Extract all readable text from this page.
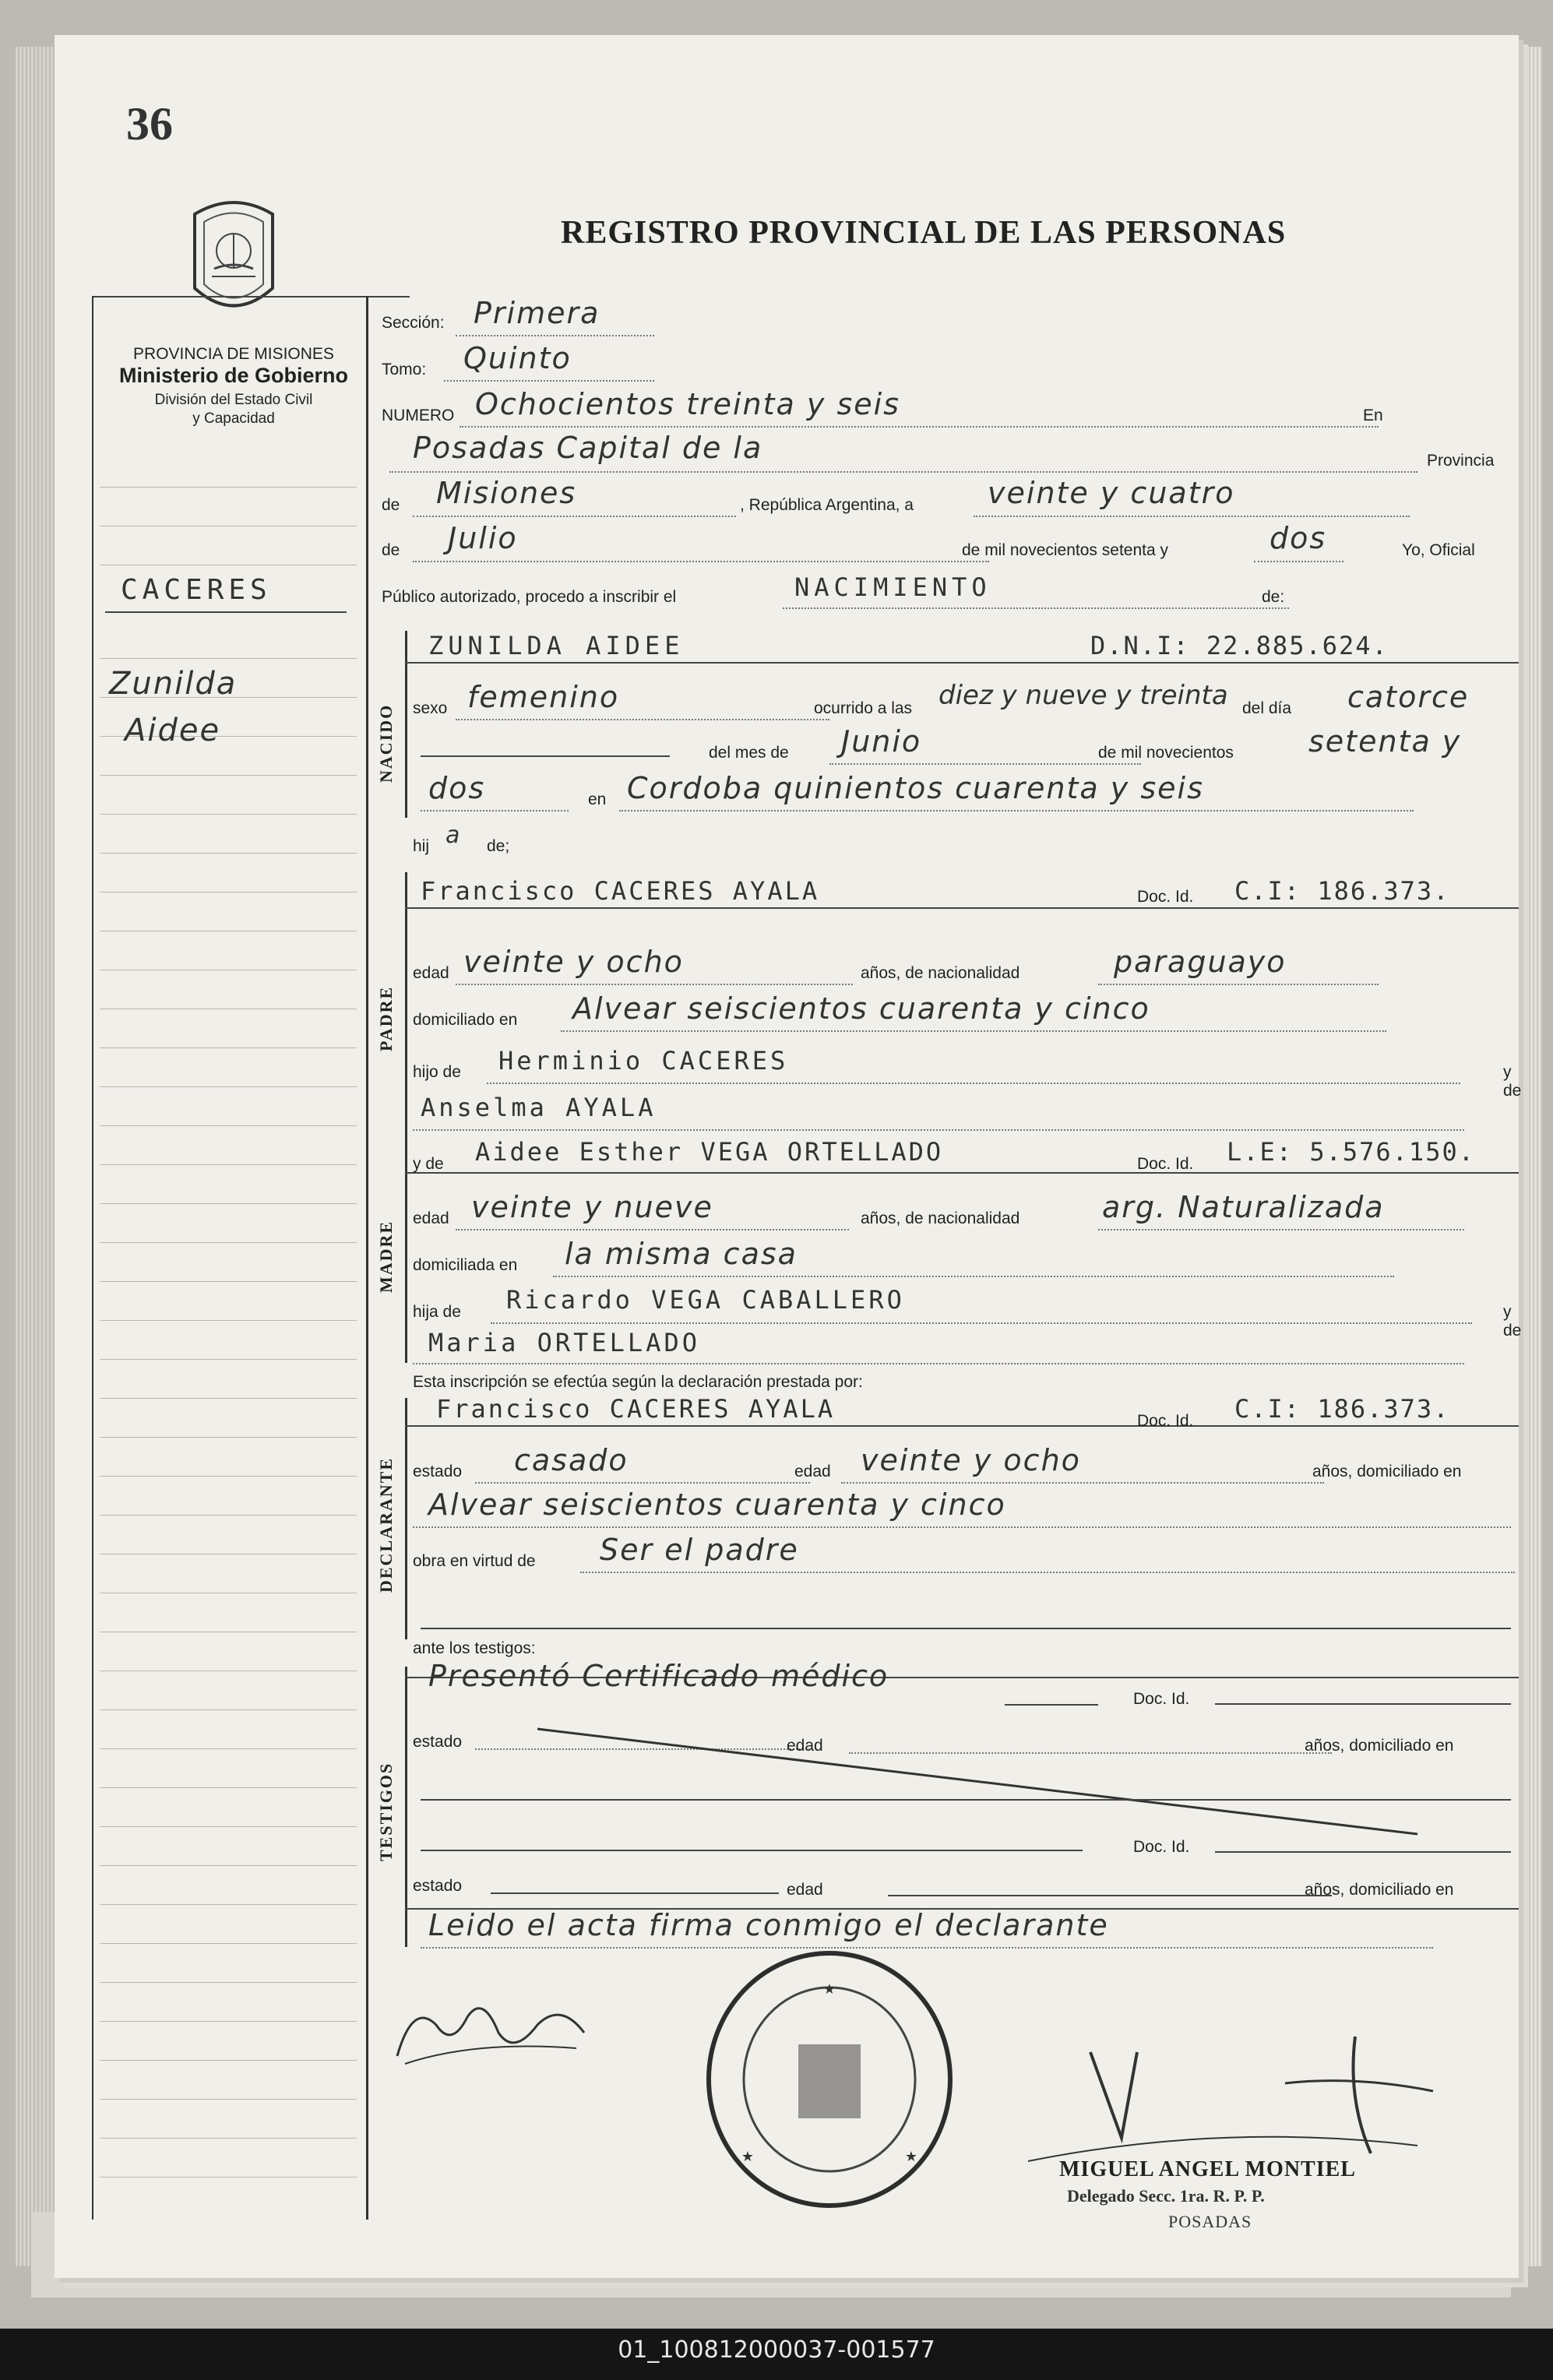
36
PROVINCIA DE MISIONES
Ministerio de Gobierno
División del Estado Civil
y Capacidad
REGISTRO PROVINCIAL DE LAS PERSONAS
CACERES
Zunilda
Aidee
Sección: Primera
Tomo: Quinto
NUMERO Ochocientos treinta y seis	En
Posadas Capital de la	Provincia
de Misiones	, República Argentina, a	veinte y cuatro
de Julio	de mil novecientos setenta y	dos	Yo, Oficial
Público autorizado, procedo a inscribir el	NACIMIENTO	de:
NACIDO
ZUNILDA AIDEE	D.N.I: 22.885.624.
sexo femenino	ocurrido a las diez y nueve y treinta del día catorce
del mes de Junio	de mil novecientos	setenta y
dos	en Cordoba quinientos cuarenta y seis
hij a de;
PADRE
Francisco CACERES AYALA	Doc. Id. C.I: 186.373.
edad veinte y ocho	años, de nacionalidad	paraguayo
domiciliado en Alvear seiscientos cuarenta y cinco
hijo de Herminio CACERES	y de
Anselma AYALA
MADRE
y de Aidee Esther VEGA ORTELLADO	Doc. Id. L.E: 5.576.150.
edad veinte y nueve	años, de nacionalidad	arg. Naturalizada
domiciliada en la misma casa
hija de Ricardo VEGA CABALLERO	y de
Maria ORTELLADO
Esta inscripción se efectúa según la declaración prestada por:
DECLARANTE
Francisco CACERES AYALA	Doc. Id. C.I: 186.373.
estado casado	edad veinte y ocho	años, domiciliado en
Alvear seiscientos cuarenta y cinco
obra en virtud de Ser el padre
ante los testigos:
TESTIGOS
Presentó Certificado médico
Doc. Id.
estado	edad	años, domiciliado en
Doc. Id.
estado	edad	años, domiciliado en
Leido el acta firma conmigo el declarante
★
★	★
MIGUEL ANGEL MONTIEL
Delegado Secc. 1ra. R. P. P.
POSADAS
01_100812000037-001577
